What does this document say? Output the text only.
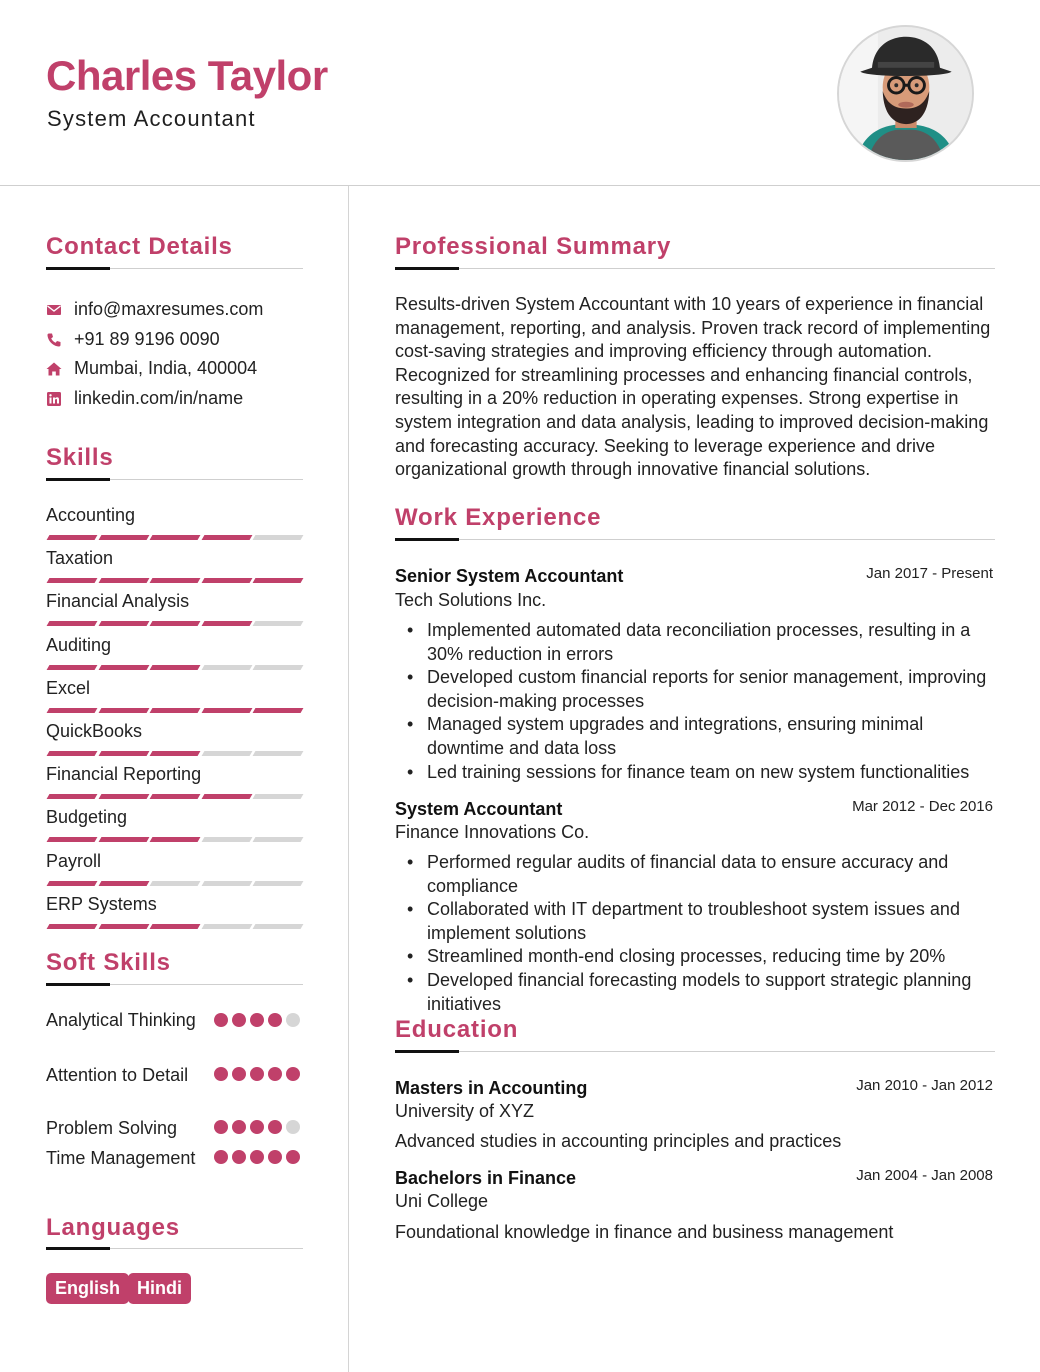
Charles Taylor
System Accountant
Contact Details
info@maxresumes.com
+91 89 9196 0090
Mumbai, India, 400004
linkedin.com/in/name
Skills
Accounting
Taxation
Financial Analysis
Auditing
Excel
QuickBooks
Financial Reporting
Budgeting
Payroll
ERP Systems
Soft Skills
Analytical Thinking
Attention to Detail
Problem Solving
Time Management
Languages
English Hindi
Professional Summary
Results-driven System Accountant with 10 years of experience in financial management, reporting, and analysis. Proven track record of implementing cost-saving strategies and improving efficiency through automation. Recognized for streamlining processes and enhancing financial controls, resulting in a 20% reduction in operating expenses. Strong expertise in system integration and data analysis, leading to improved decision-making and forecasting accuracy. Seeking to leverage experience and drive organizational growth through innovative financial solutions.
Work Experience
Senior System Accountant	Jan 2017 - Present
Tech Solutions Inc.
• Implemented automated data reconciliation processes, resulting in a 30% reduction in errors
• Developed custom financial reports for senior management, improving decision-making processes
• Managed system upgrades and integrations, ensuring minimal downtime and data loss
• Led training sessions for finance team on new system functionalities
System Accountant	Mar 2012 - Dec 2016
Finance Innovations Co.
• Performed regular audits of financial data to ensure accuracy and compliance
• Collaborated with IT department to troubleshoot system issues and implement solutions
• Streamlined month-end closing processes, reducing time by 20%
• Developed financial forecasting models to support strategic planning initiatives
Education
Masters in Accounting	Jan 2010 - Jan 2012
University of XYZ
Advanced studies in accounting principles and practices
Bachelors in Finance	Jan 2004 - Jan 2008
Uni College
Foundational knowledge in finance and business management
